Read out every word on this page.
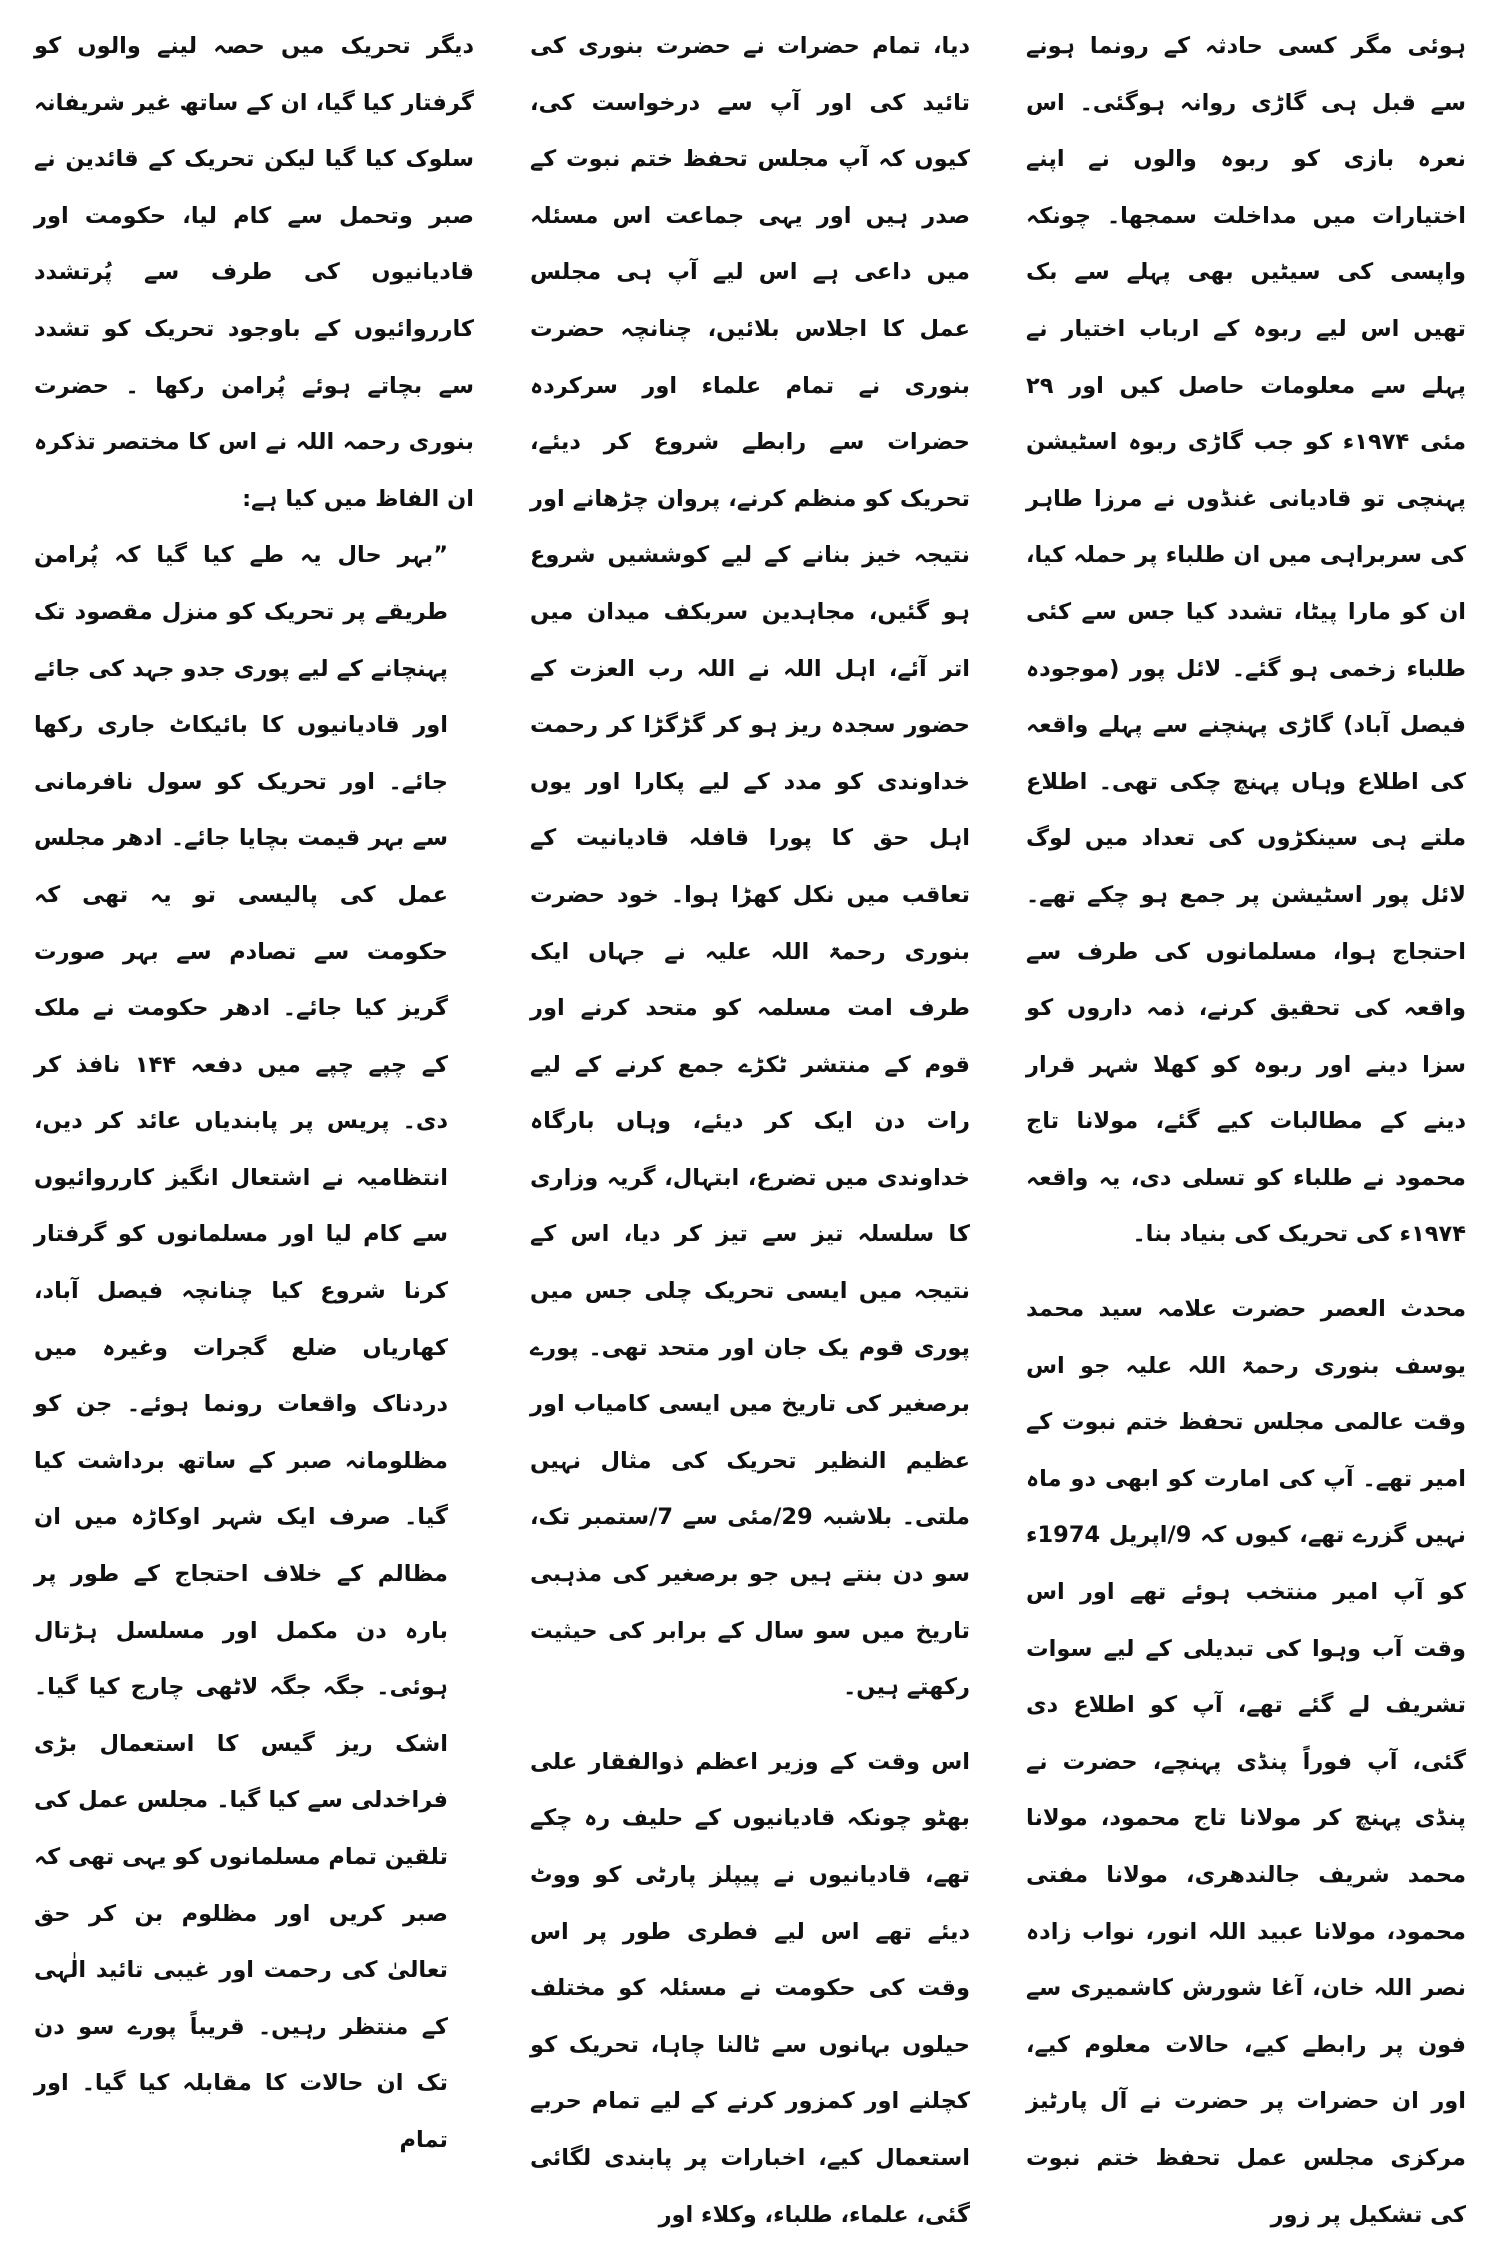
ہوئی مگر کسی حادثہ کے رونما ہونے سے قبل ہی گاڑی روانہ ہوگئی۔ اس نعرہ بازی کو ربوہ والوں نے اپنے اختیارات میں مداخلت سمجھا۔ چونکہ واپسی کی سیٹیں بھی پہلے سے بک تھیں اس لیے ربوہ کے ارباب اختیار نے پہلے سے معلومات حاصل کیں اور ۲۹ مئی ۱۹۷۴ء کو جب گاڑی ربوہ اسٹیشن پہنچی تو قادیانی غنڈوں نے مرزا طاہر کی سربراہی میں ان طلباء پر حملہ کیا، ان کو مارا پیٹا، تشدد کیا جس سے کئی طلباء زخمی ہو گئے۔ لائل پور (موجودہ فیصل آباد) گاڑی پہنچنے سے پہلے واقعہ کی اطلاع وہاں پہنچ چکی تھی۔ اطلاع ملتے ہی سینکڑوں کی تعداد میں لوگ لائل پور اسٹیشن پر جمع ہو چکے تھے۔ احتجاج ہوا، مسلمانوں کی طرف سے واقعہ کی تحقیق کرنے، ذمہ داروں کو سزا دینے اور ربوہ کو کھلا شہر قرار دینے کے مطالبات کیے گئے، مولانا تاج محمود نے طلباء کو تسلی دی، یہ واقعہ ۱۹۷۴ء کی تحریک کی بنیاد بنا۔

محدث العصر حضرت علامہ سید محمد یوسف بنوری رحمۃ اللہ علیہ جو اس وقت عالمی مجلس تحفظ ختم نبوت کے امیر تھے۔ آپ کی امارت کو ابھی دو ماہ نہیں گزرے تھے، کیوں کہ 9/اپریل 1974ء کو آپ امیر منتخب ہوئے تھے اور اس وقت آب وہوا کی تبدیلی کے لیے سوات تشریف لے گئے تھے، آپ کو اطلاع دی گئی، آپ فوراً پنڈی پہنچے، حضرت نے پنڈی پہنچ کر مولانا تاج محمود، مولانا محمد شریف جالندھری، مولانا مفتی محمود، مولانا عبید اللہ انور، نواب زادہ نصر اللہ خان، آغا شورش کاشمیری سے فون پر رابطے کیے، حالات معلوم کیے، اور ان حضرات پر حضرت نے آل پارٹیز مرکزی مجلس عمل تحفظ ختم نبوت کی تشکیل پر زور

دیا، تمام حضرات نے حضرت بنوری کی تائید کی اور آپ سے درخواست کی، کیوں کہ آپ مجلس تحفظ ختم نبوت کے صدر ہیں اور یہی جماعت اس مسئلہ میں داعی ہے اس لیے آپ ہی مجلس عمل کا اجلاس بلائیں، چنانچہ حضرت بنوری نے تمام علماء اور سرکردہ حضرات سے رابطے شروع کر دیئے، تحریک کو منظم کرنے، پروان چڑھانے اور نتیجہ خیز بنانے کے لیے کوششیں شروع ہو گئیں، مجاہدین سربکف میدان میں اتر آئے، اہل اللہ نے اللہ رب العزت کے حضور سجدہ ریز ہو کر گڑگڑا کر رحمت خداوندی کو مدد کے لیے پکارا اور یوں اہل حق کا پورا قافلہ قادیانیت کے تعاقب میں نکل کھڑا ہوا۔ خود حضرت بنوری رحمۃ اللہ علیہ نے جہاں ایک طرف امت مسلمہ کو متحد کرنے اور قوم کے منتشر ٹکڑے جمع کرنے کے لیے رات دن ایک کر دیئے، وہاں بارگاہ خداوندی میں تضرع، ابتہال، گریہ وزاری کا سلسلہ تیز سے تیز کر دیا، اس کے نتیجہ میں ایسی تحریک چلی جس میں پوری قوم یک جان اور متحد تھی۔ پورے برصغیر کی تاریخ میں ایسی کامیاب اور عظیم النظیر تحریک کی مثال نہیں ملتی۔ بلاشبہ 29/مئی سے 7/ستمبر تک، سو دن بنتے ہیں جو برصغیر کی مذہبی تاریخ میں سو سال کے برابر کی حیثیت رکھتے ہیں۔

اس وقت کے وزیر اعظم ذوالفقار علی بھٹو چونکہ قادیانیوں کے حلیف رہ چکے تھے، قادیانیوں نے پیپلز پارٹی کو ووٹ دیئے تھے اس لیے فطری طور پر اس وقت کی حکومت نے مسئلہ کو مختلف حیلوں بہانوں سے ٹالنا چاہا، تحریک کو کچلنے اور کمزور کرنے کے لیے تمام حربے استعمال کیے، اخبارات پر پابندی لگائی گئی، علماء، طلباء، وکلاء اور

دیگر تحریک میں حصہ لینے والوں کو گرفتار کیا گیا، ان کے ساتھ غیر شریفانہ سلوک کیا گیا لیکن تحریک کے قائدین نے صبر وتحمل سے کام لیا، حکومت اور قادیانیوں کی طرف سے پُرتشدد کارروائیوں کے باوجود تحریک کو تشدد سے بچاتے ہوئے پُرامن رکھا ۔ حضرت بنوری رحمہ اللہ نے اس کا مختصر تذکرہ ان الفاظ میں کیا ہے:

”بہر حال یہ طے کیا گیا کہ پُرامن طریقے پر تحریک کو منزل مقصود تک پہنچانے کے لیے پوری جدو جہد کی جائے اور قادیانیوں کا بائیکاٹ جاری رکھا جائے۔ اور تحریک کو سول نافرمانی سے بہر قیمت بچایا جائے۔ ادھر مجلس عمل کی پالیسی تو یہ تھی کہ حکومت سے تصادم سے بہر صورت گریز کیا جائے۔ ادھر حکومت نے ملک کے چپے چپے میں دفعہ ۱۴۴ نافذ کر دی۔ پریس پر پابندیاں عائد کر دیں، انتظامیہ نے اشتعال انگیز کارروائیوں سے کام لیا اور مسلمانوں کو گرفتار کرنا شروع کیا چنانچہ فیصل آباد، کھاریاں ضلع گجرات وغیرہ میں دردناک واقعات رونما ہوئے۔ جن کو مظلومانہ صبر کے ساتھ برداشت کیا گیا۔ صرف ایک شہر اوکاڑہ میں ان مظالم کے خلاف احتجاج کے طور پر بارہ دن مکمل اور مسلسل ہڑتال ہوئی۔ جگہ جگہ لاٹھی چارج کیا گیا۔ اشک ریز گیس کا استعمال بڑی فراخدلی سے کیا گیا۔ مجلس عمل کی تلقین تمام مسلمانوں کو یہی تھی کہ صبر کریں اور مظلوم بن کر حق تعالیٰ کی رحمت اور غیبی تائید الٰہی کے منتظر رہیں۔ قریباً پورے سو دن تک ان حالات کا مقابلہ کیا گیا۔ اور تمام
